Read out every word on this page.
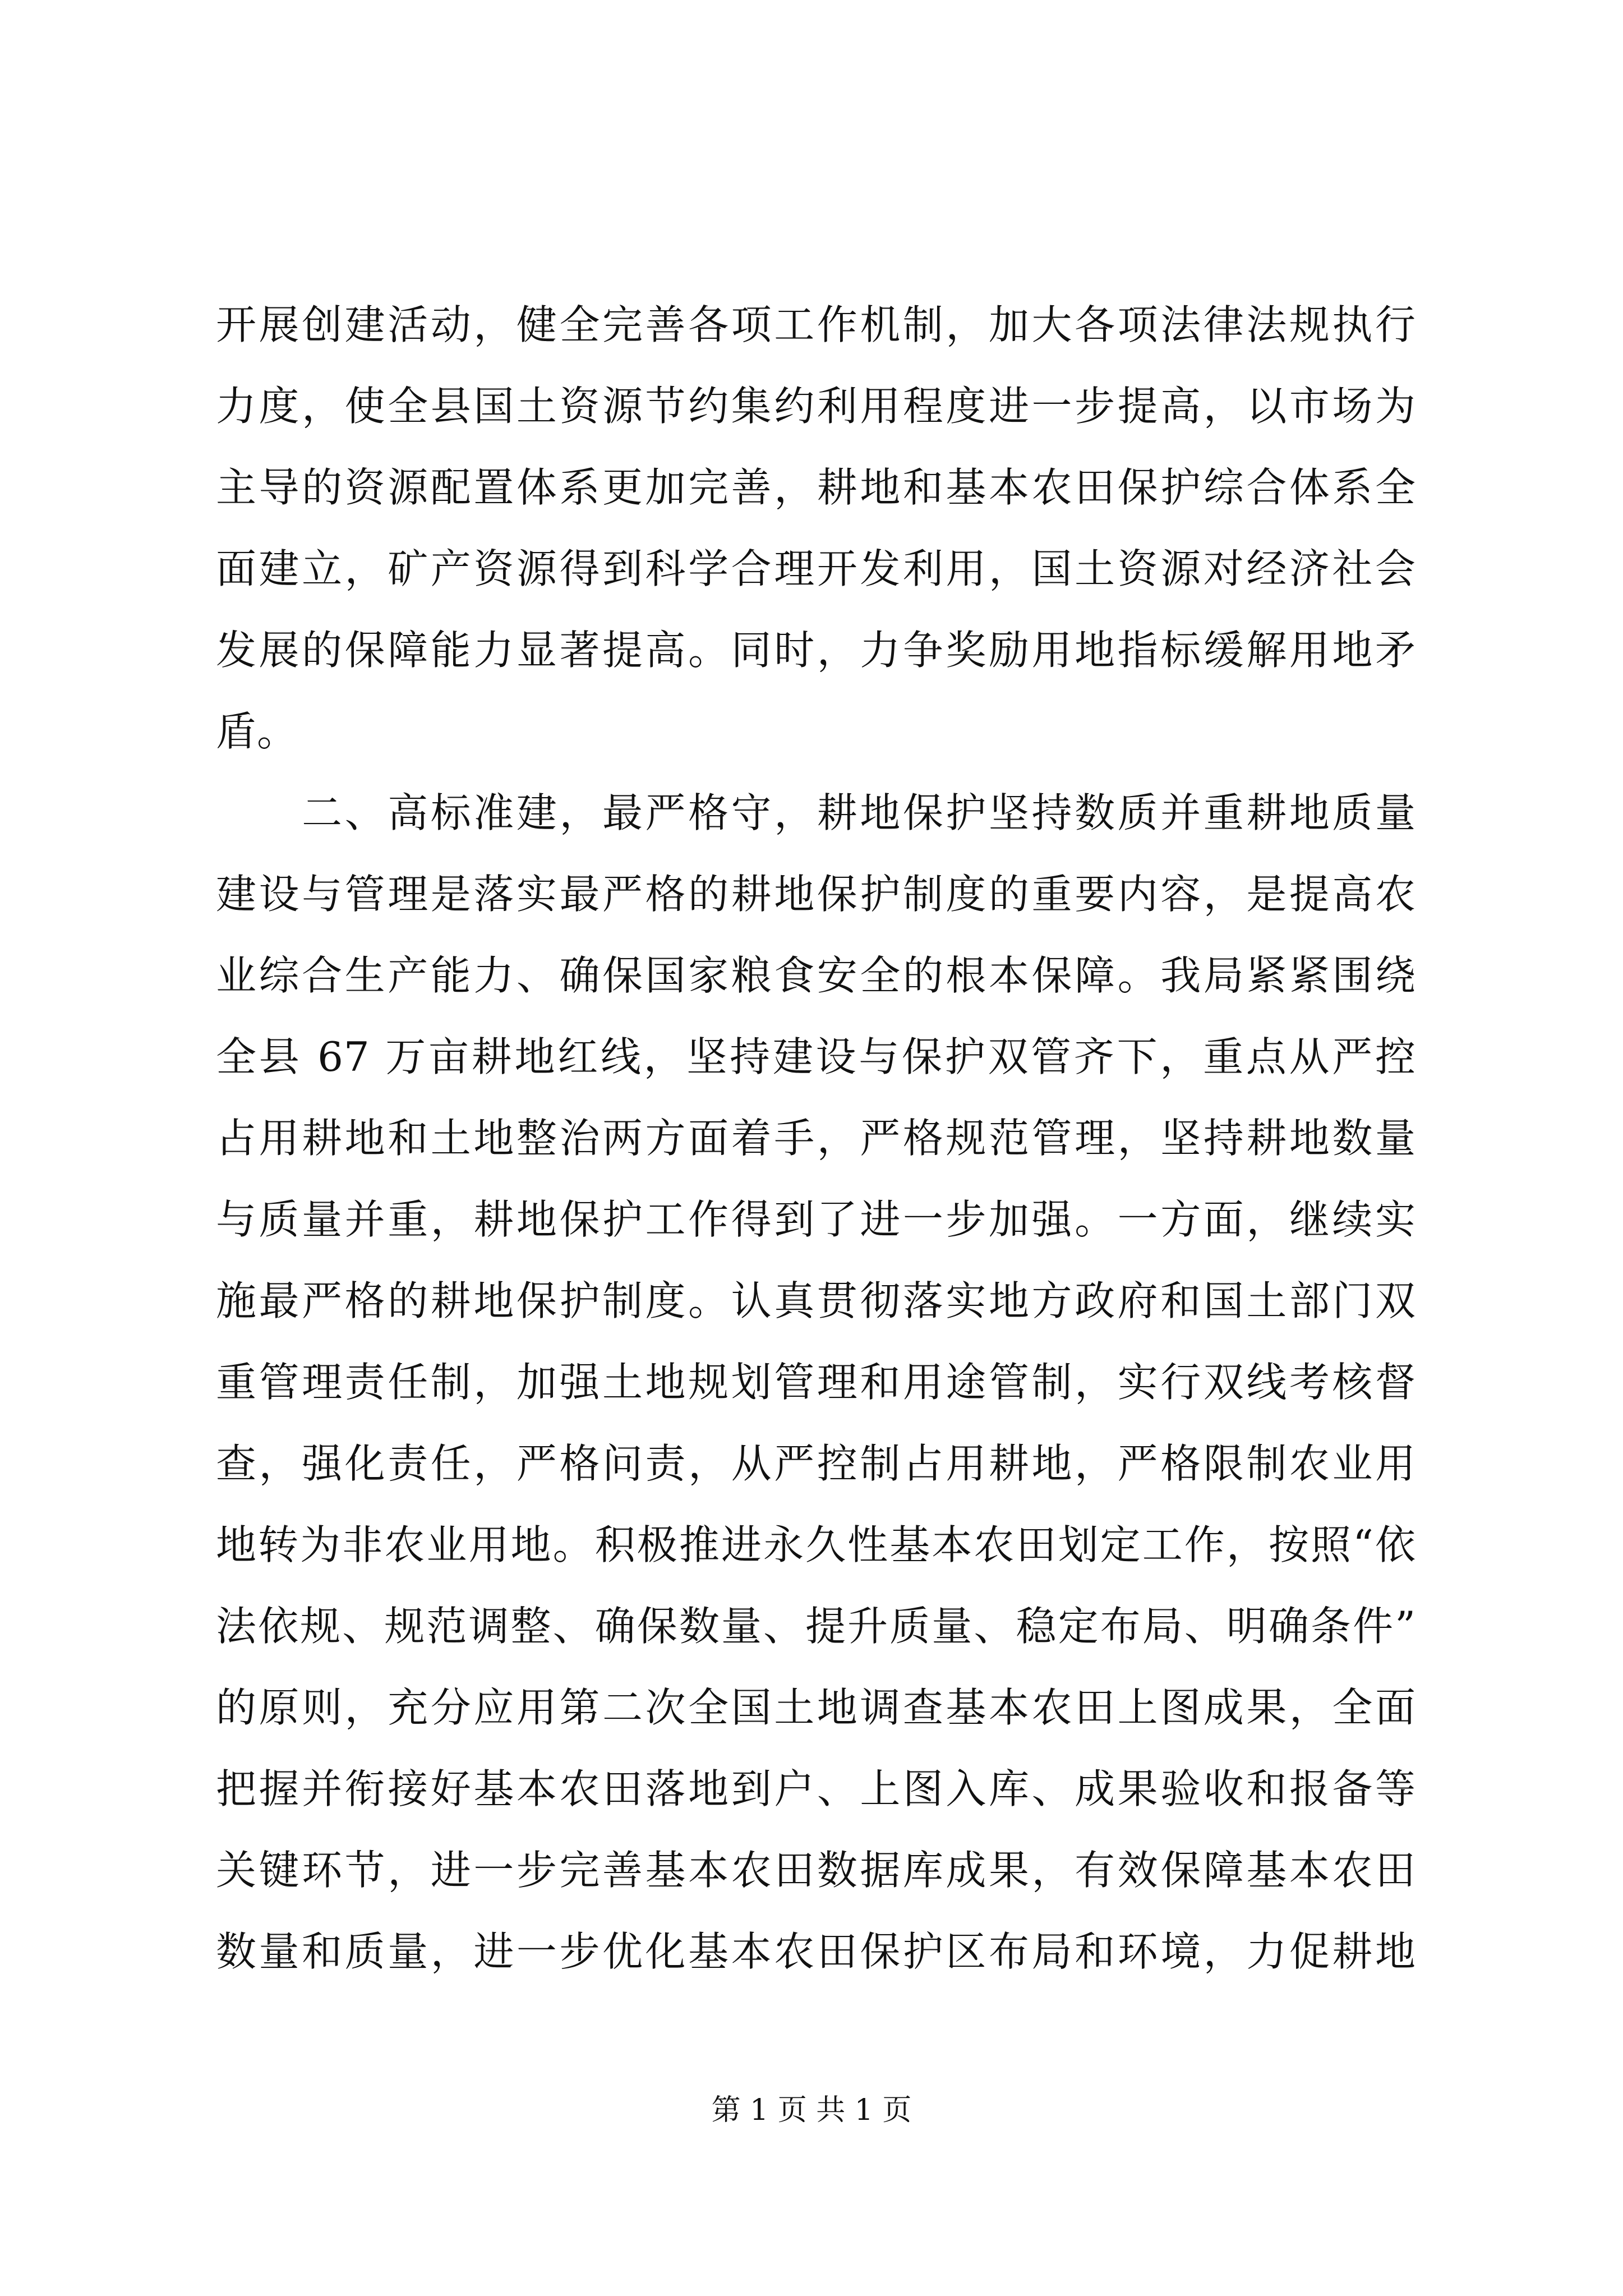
开展创建活动，健全完善各项工作机制，加大各项法律法规执行
力度，使全县国土资源节约集约利用程度进一步提高，以市场为
主导的资源配置体系更加完善，耕地和基本农田保护综合体系全
面建立，矿产资源得到科学合理开发利用，国土资源对经济社会
发展的保障能力显著提高。同时，力争奖励用地指标缓解用地矛
盾。
　　二、高标准建，最严格守，耕地保护坚持数质并重耕地质量
建设与管理是落实最严格的耕地保护制度的重要内容，是提高农
业综合生产能力、确保国家粮食安全的根本保障。我局紧紧围绕
全县 67 万亩耕地红线，坚持建设与保护双管齐下，重点从严控
占用耕地和土地整治两方面着手，严格规范管理，坚持耕地数量
与质量并重，耕地保护工作得到了进一步加强。一方面，继续实
施最严格的耕地保护制度。认真贯彻落实地方政府和国土部门双
重管理责任制，加强土地规划管理和用途管制，实行双线考核督
查，强化责任，严格问责，从严控制占用耕地，严格限制农业用
地转为非农业用地。积极推进永久性基本农田划定工作，按照“依
法依规、规范调整、确保数量、提升质量、稳定布局、明确条件”
的原则，充分应用第二次全国土地调查基本农田上图成果，全面
把握并衔接好基本农田落地到户、上图入库、成果验收和报备等
关键环节，进一步完善基本农田数据库成果，有效保障基本农田
数量和质量，进一步优化基本农田保护区布局和环境，力促耕地
第 1 页 共 1 页
